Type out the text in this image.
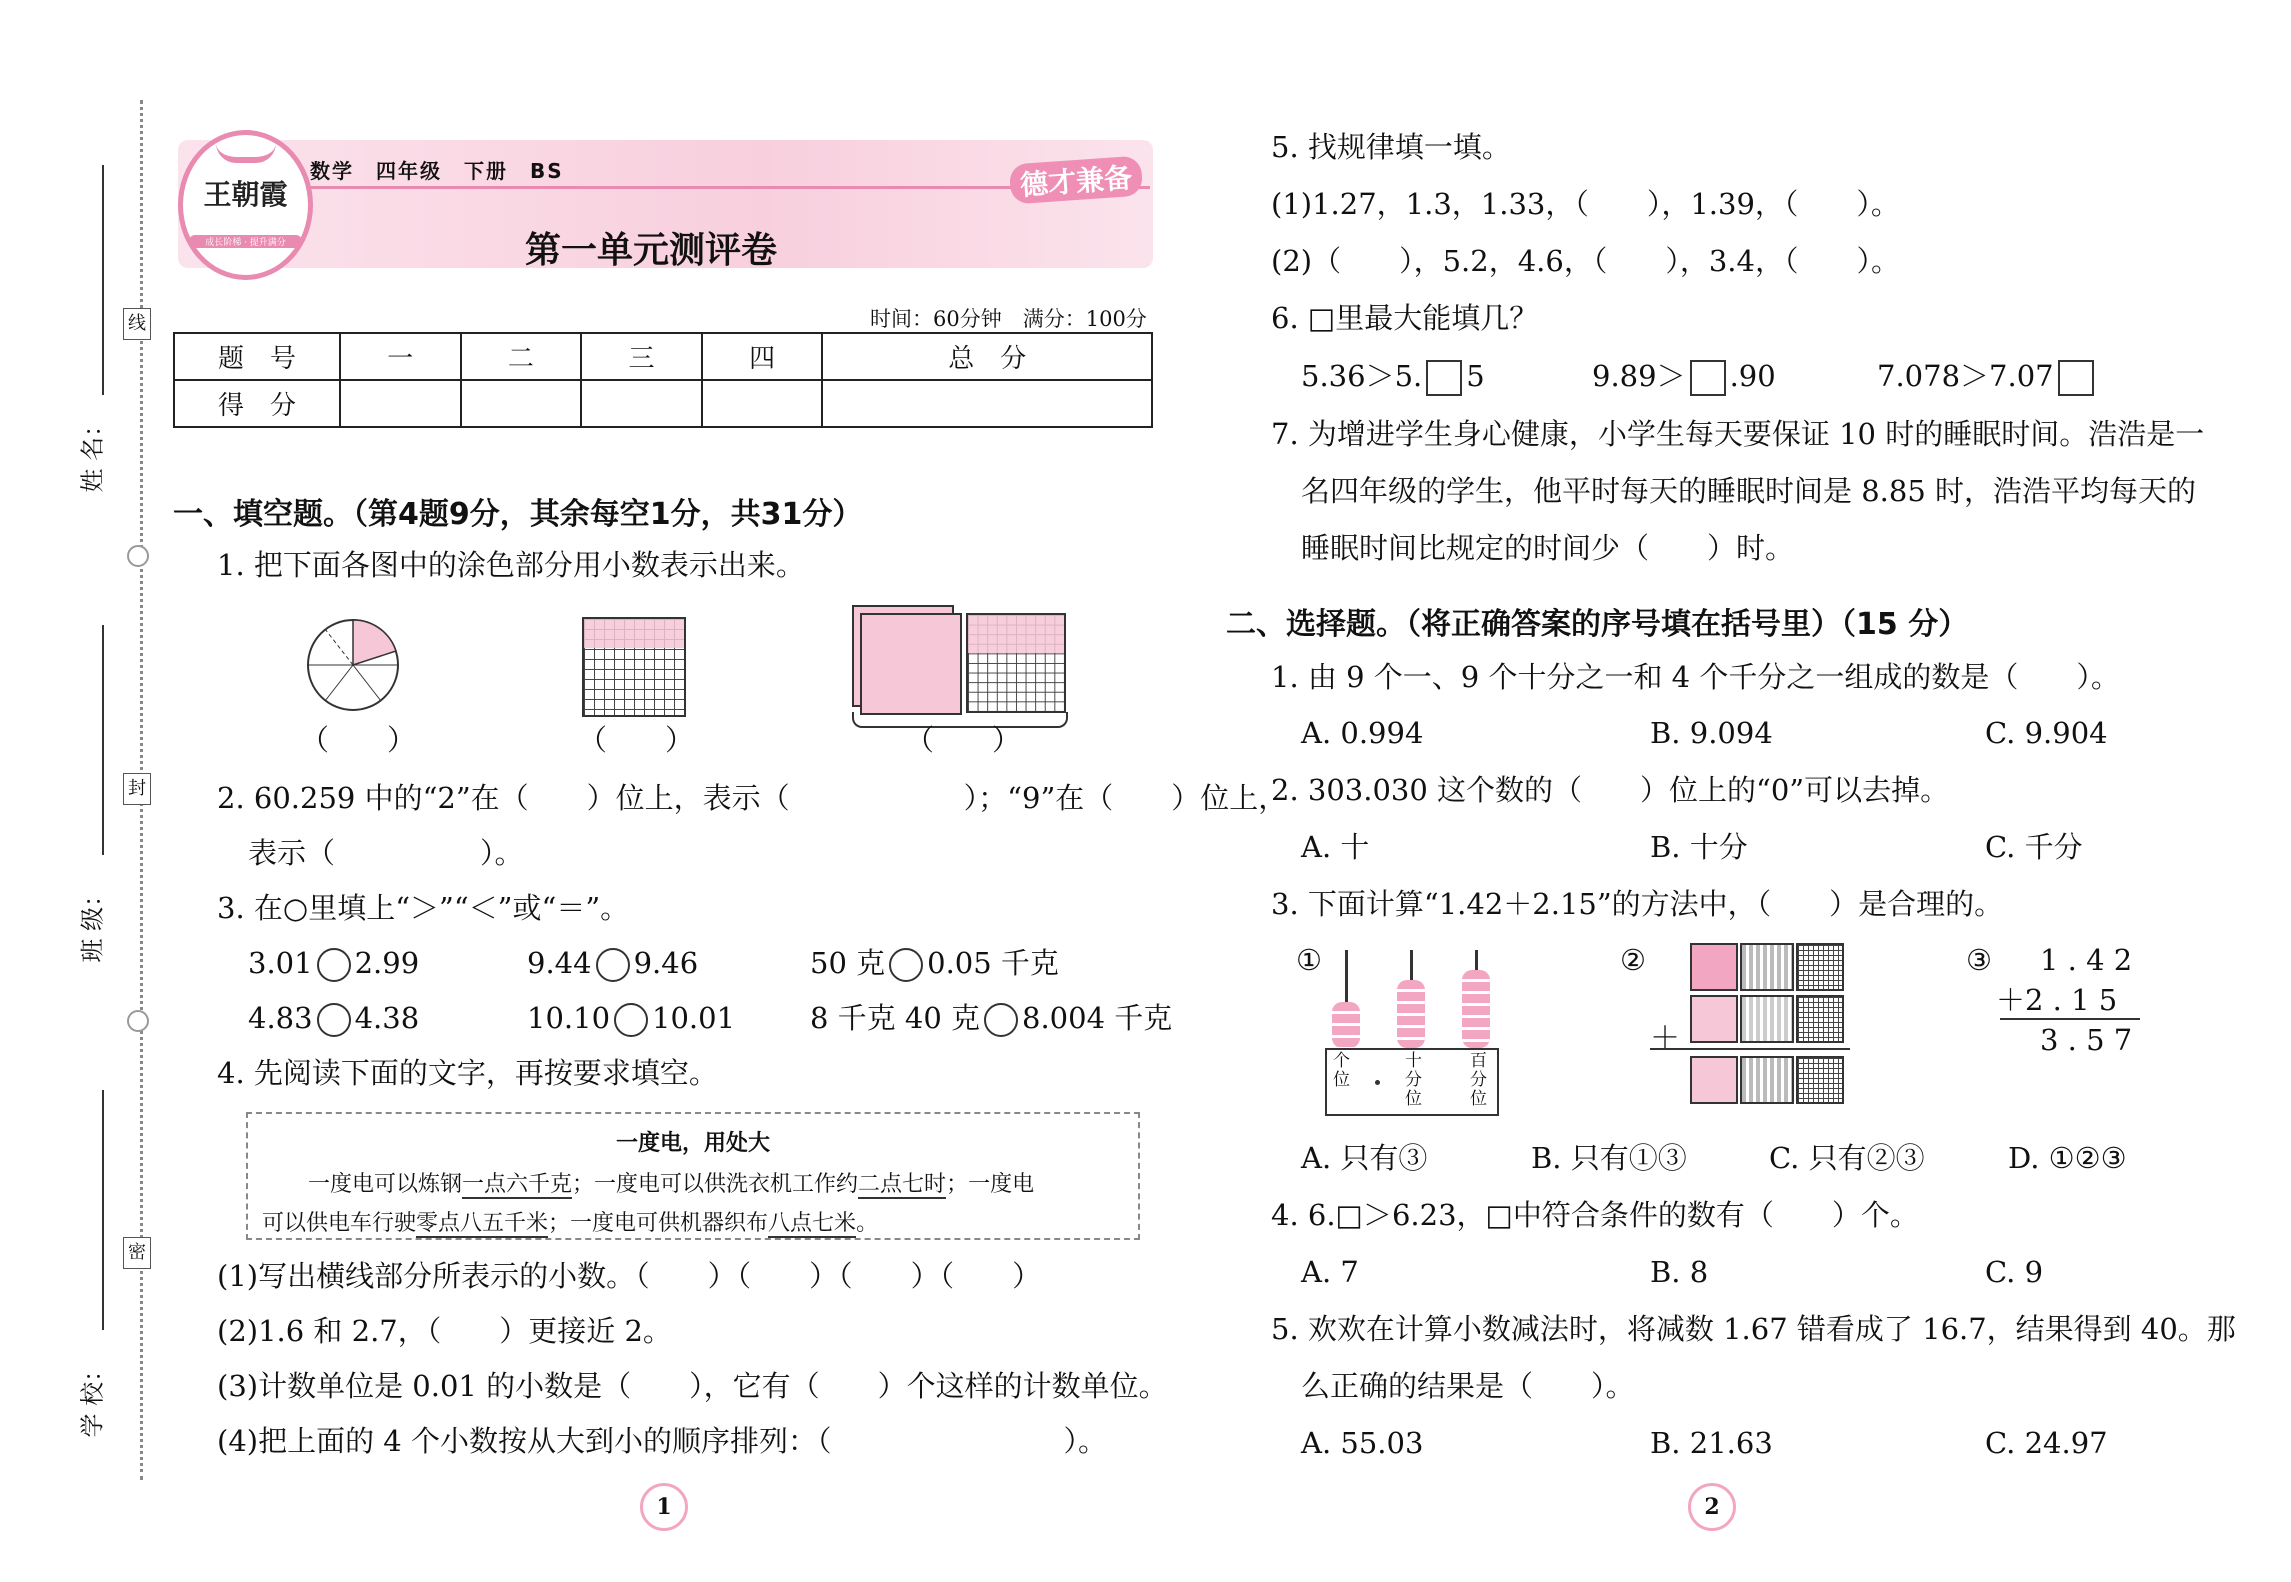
线
封
密
姓 名：
班 级：
学 校：
王朝霞
成长阶梯 · 提升满分
数学　四年级　下册　BS
第一单元测评卷
德才兼备
时间：60分钟　满分：100分
题　号	一	二	三	四	总　分
得　分					
一、填空题。（第4题9分，其余每空1分，共31分）
1. 把下面各图中的涂色部分用小数表示出来。
（　　）	（　　）	（　　）
2. 60.259 中的“2”在（　　）位上，表示（　　　　　　）；“9”在（　　）位上，
表示（　　　　　）。
3. 在○里填上“＞”“＜”或“＝”。
3.01 2.99	9.44 9.46	50 克 0.05 千克
4.83 4.38	10.10 10.01	8 千克 40 克 8.004 千克
4. 先阅读下面的文字，再按要求填空。
一度电，用处大
一度电可以炼钢一点六千克；一度电可以供洗衣机工作约二点七时；一度电
可以供电车行驶零点八五千米；一度电可供机器织布八点七米。
(1)写出横线部分所表示的小数。（　　）（　　）（　　）（　　）
(2)1.6 和 2.7，（　　）更接近 2。
(3)计数单位是 0.01 的小数是（　　），它有（　　）个这样的计数单位。
(4)把上面的 4 个小数按从大到小的顺序排列：（　　　　　　　　）。
1	2
5. 找规律填一填。
(1)1.27，1.3，1.33，（　　），1.39，（　　）。
(2)（　　），5.2，4.6，（　　），3.4，（　　）。
6. □里最大能填几？
5.36＞5. 5	9.89＞ .90	7.078＞7.07
7. 为增进学生身心健康，小学生每天要保证 10 时的睡眠时间。浩浩是一
名四年级的学生，他平时每天的睡眠时间是 8.85 时，浩浩平均每天的
睡眠时间比规定的时间少（　　）时。
二、选择题。（将正确答案的序号填在括号里）（15 分）
1. 由 9 个一、9 个十分之一和 4 个千分之一组成的数是（　　）。
A. 0.994	B. 9.094	C. 9.904
2. 303.030 这个数的（　　）位上的“0”可以去掉。
A. 十	B. 十分	C. 千分
3. 下面计算“1.42＋2.15”的方法中，（　　）是合理的。
①
个位
十分位
百分位
②
＋
③ 1 . 4 2
＋2 . 1 5
3 . 5 7
A. 只有③	B. 只有①③	C. 只有②③	D. ①②③
4. 6.□＞6.23，□中符合条件的数有（　　）个。
A. 7	B. 8	C. 9
5. 欢欢在计算小数减法时，将减数 1.67 错看成了 16.7，结果得到 40。那
么正确的结果是（　　）。
A. 55.03	B. 21.63	C. 24.97
